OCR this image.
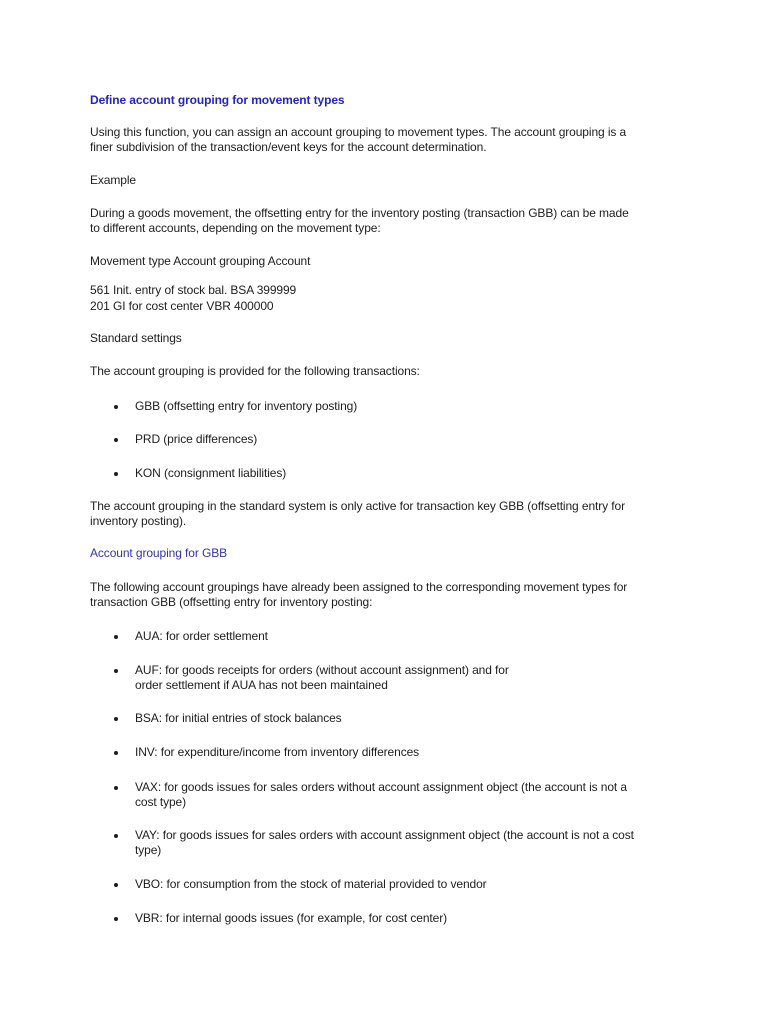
Define account grouping for movement types
Using this function, you can assign an account grouping to movement types. The account grouping is a
finer subdivision of the transaction/event keys for the account determination.
Example
During a goods movement, the offsetting entry for the inventory posting (transaction GBB) can be made
to different accounts, depending on the movement type:
Movement type Account grouping Account
561 Init. entry of stock bal. BSA 399999
201 GI for cost center VBR 400000
Standard settings
The account grouping is provided for the following transactions:
GBB (offsetting entry for inventory posting)
PRD (price differences)
KON (consignment liabilities)
The account grouping in the standard system is only active for transaction key GBB (offsetting entry for
inventory posting).
Account grouping for GBB
The following account groupings have already been assigned to the corresponding movement types for
transaction GBB (offsetting entry for inventory posting:
AUA: for order settlement
AUF: for goods receipts for orders (without account assignment) and for
order settlement if AUA has not been maintained
BSA: for initial entries of stock balances
INV: for expenditure/income from inventory differences
VAX: for goods issues for sales orders without account assignment object (the account is not a
cost type)
VAY: for goods issues for sales orders with account assignment object (the account is not a cost
type)
VBO: for consumption from the stock of material provided to vendor
VBR: for internal goods issues (for example, for cost center)
